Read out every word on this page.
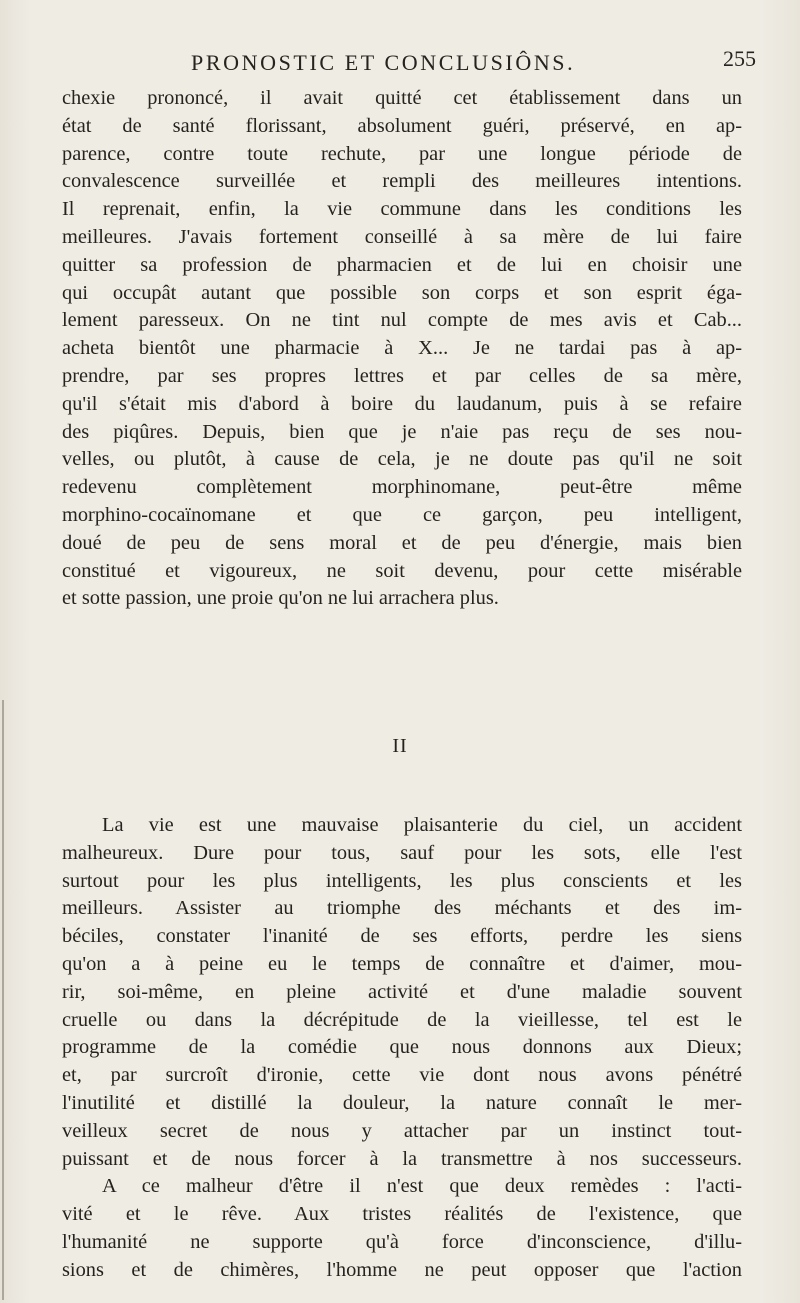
PRONOSTIC ET CONCLUSIÔNS.	255
chexie prononcé, il avait quitté cet établissement dans un
état de santé florissant, absolument guéri, préservé, en ap-
parence, contre toute rechute, par une longue période de
convalescence surveillée et rempli des meilleures intentions.
Il reprenait, enfin, la vie commune dans les conditions les
meilleures. J'avais fortement conseillé à sa mère de lui faire
quitter sa profession de pharmacien et de lui en choisir une
qui occupât autant que possible son corps et son esprit éga-
lement paresseux. On ne tint nul compte de mes avis et Cab...
acheta bientôt une pharmacie à X... Je ne tardai pas à ap-
prendre, par ses propres lettres et par celles de sa mère,
qu'il s'était mis d'abord à boire du laudanum, puis à se refaire
des piqûres. Depuis, bien que je n'aie pas reçu de ses nou-
velles, ou plutôt, à cause de cela, je ne doute pas qu'il ne soit
redevenu complètement morphinomane, peut-être même
morphino-cocaïnomane et que ce garçon, peu intelligent,
doué de peu de sens moral et de peu d'énergie, mais bien
constitué et vigoureux, ne soit devenu, pour cette misérable
et sotte passion, une proie qu'on ne lui arrachera plus.
II
La vie est une mauvaise plaisanterie du ciel, un accident
malheureux. Dure pour tous, sauf pour les sots, elle l'est
surtout pour les plus intelligents, les plus conscients et les
meilleurs. Assister au triomphe des méchants et des im-
béciles, constater l'inanité de ses efforts, perdre les siens
qu'on a à peine eu le temps de connaître et d'aimer, mou-
rir, soi-même, en pleine activité et d'une maladie souvent
cruelle ou dans la décrépitude de la vieillesse, tel est le
programme de la comédie que nous donnons aux Dieux;
et, par surcroît d'ironie, cette vie dont nous avons pénétré
l'inutilité et distillé la douleur, la nature connaît le mer-
veilleux secret de nous y attacher par un instinct tout-
puissant et de nous forcer à la transmettre à nos successeurs.
A ce malheur d'être il n'est que deux remèdes : l'acti-
vité et le rêve. Aux tristes réalités de l'existence, que
l'humanité ne supporte qu'à force d'inconscience, d'illu-
sions et de chimères, l'homme ne peut opposer que l'action
